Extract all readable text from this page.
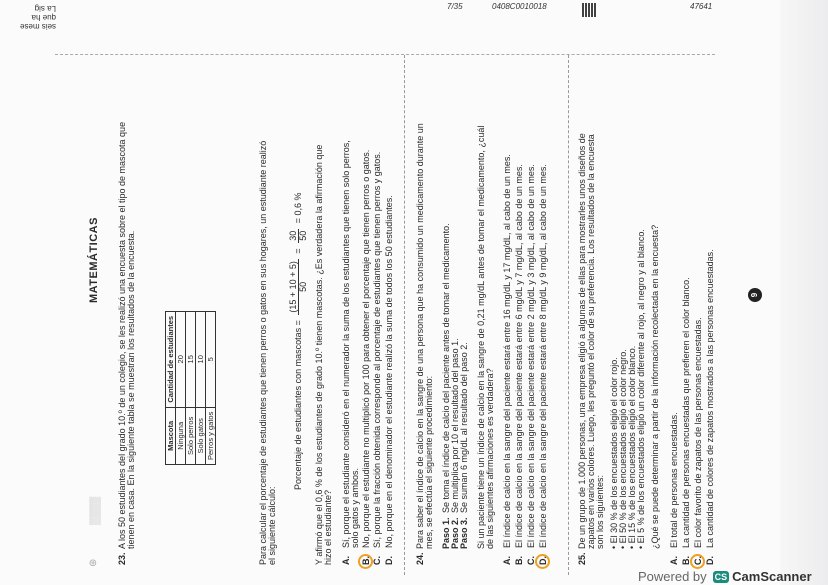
seis mese
que ha
La sig	7/35	0408C0010018	47641
⊛
▒▒▒▒
MATEMÁTICAS
23.
A los 50 estudiantes del grado 10.º de un colegio, se les realizó una encuesta sobre el tipo de mascota que tienen en casa. En la siguiente tabla se muestran los resultados de la encuesta.	Mascota	Cantidad de estudiantes
Ninguna	20
Solo perros	15
Solo gatos	10
Perros y gatos	5	Para calcular el porcentaje de estudiantes que tienen perros o gatos en sus hogares, un estudiante realizó el siguiente cálculo:
Porcentaje de estudiantes con mascotas =
(15 + 10 + 5) 50
=
30 50
= 0,6 %	Y afirmó que el 0,6 % de los estudiantes de grado 10.º tienen mascotas. ¿Es verdadera la afirmación que hizo el estudiante? A.
Sí, porque el estudiante consideró en el numerador la suma de los estudiantes que tienen solo perros, solo gatos y ambos.
B.
No, porque el estudiante no multiplicó por 100 para obtener el porcentaje que tienen perros o gatos.
C.
Sí, porque la fracción obtenida corresponde al porcentaje de estudiantes que tienen perros y gatos.
D.
No, porque en el denominador el estudiante realizó la suma de todos los 50 estudiantes.
24.
Para saber el índice de calcio en la sangre de una persona que ha consumido un medicamento durante un mes, se efectúa el siguiente procedimiento: Paso 1.
Se toma el índice de calcio del paciente antes de tomar el medicamento.
Paso 2.
Se multiplica por 10 el resultado del paso 1.
Paso 3.
Se suman 6 mg/dL al resultado del paso 2. Si un paciente tiene un índice de calcio en la sangre de 0,21 mg/dL antes de tomar el medicamento, ¿cuál de las siguientes afirmaciones es verdadera?
A.
El índice de calcio en la sangre del paciente estará entre 16 mg/dL y 17 mg/dL, al cabo de un mes.
B.
El índice de calcio en la sangre del paciente estará entre 6 mg/dL y 7 mg/dL, al cabo de un mes.
C.
El índice de calcio en la sangre del paciente estará entre 2 mg/dL y 3 mg/dL, al cabo de un mes.
D.
El índice de calcio en la sangre del paciente estará entre 8 mg/dL y 9 mg/dL, al cabo de un mes.
25.
De un grupo de 1.000 personas, una empresa eligió a algunas de ellas para mostrarles unos diseños de zapatos en varios colores. Luego, les preguntó el color de su preferencia. Los resultados de la encuesta son los siguientes: • El 30 % de los encuestados eligió el color rojo. • El 50 % de los encuestados eligió el color negro. • El 15 % de los encuestados eligió el color blanco. • El 5 % de los encuestados eligió un color diferente al rojo, al negro y al blanco. ¿Qué se puede determinar a partir de la información recolectada en la encuesta?
A.
El total de personas encuestadas.
B.
La cantidad de personas encuestadas que prefieren el color blanco.
C.
El color favorito de zapatos de las personas encuestadas.
D.
La cantidad de colores de zapatos mostrados a las personas encuestadas.	9
Powered by CS CamScanner
